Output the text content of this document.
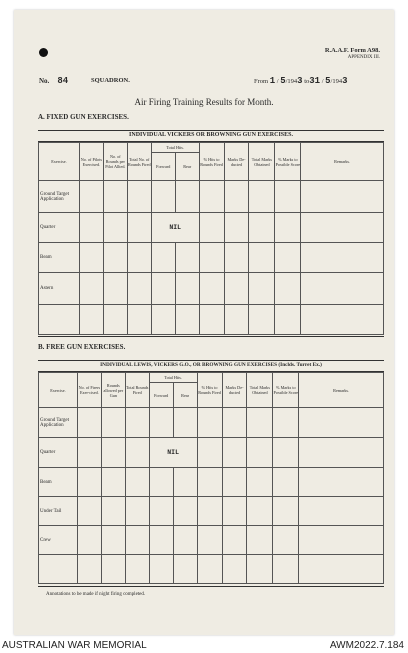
R.A.A.F. Form A98.
APPENDIX III.
No. 84	SQUADRON.	From 1 / 5/1943 to31 / 5/1943
Air Firing Training Results for Month.
A. FIXED GUN EXERCISES.
INDIVIDUAL VICKERS OR BROWNING GUN EXERCISES.
Exercise.	No. of Pilots Exercised.	No. of Rounds per Pilot Allted.	Total No. of Rounds Fired	Total Hits.		% Hits to Rounds Fired	Marks De-ducted	Total Marks Obtained	% Marks to Possible Score	Remarks.
				Forward	Rear					
Ground Target Application										
Quarter				NIL						
Beam										
Astern										

B. FREE GUN EXERCISES.
INDIVIDUAL LEWIS, VICKERS G.O., OR BROWNING GUN EXERCISES (Inclds. Turret Ex.)
Exercise.	No. of Firers Exer-cised.	Rounds allowed per Gun	Total Rounds Fired	Total Hits.		% Hits to Rounds Fired	Marks De-ducted	Total Marks Obtained	% Marks to Possible Score	Remarks.
				Forward	Rear					
Ground Target Application										
Quarter				NIL						
Beam										
Under Tail										
Crew										

Annotations to be made if night firing completed.
AUSTRALIAN WAR MEMORIAL	AWM2022.7.184
